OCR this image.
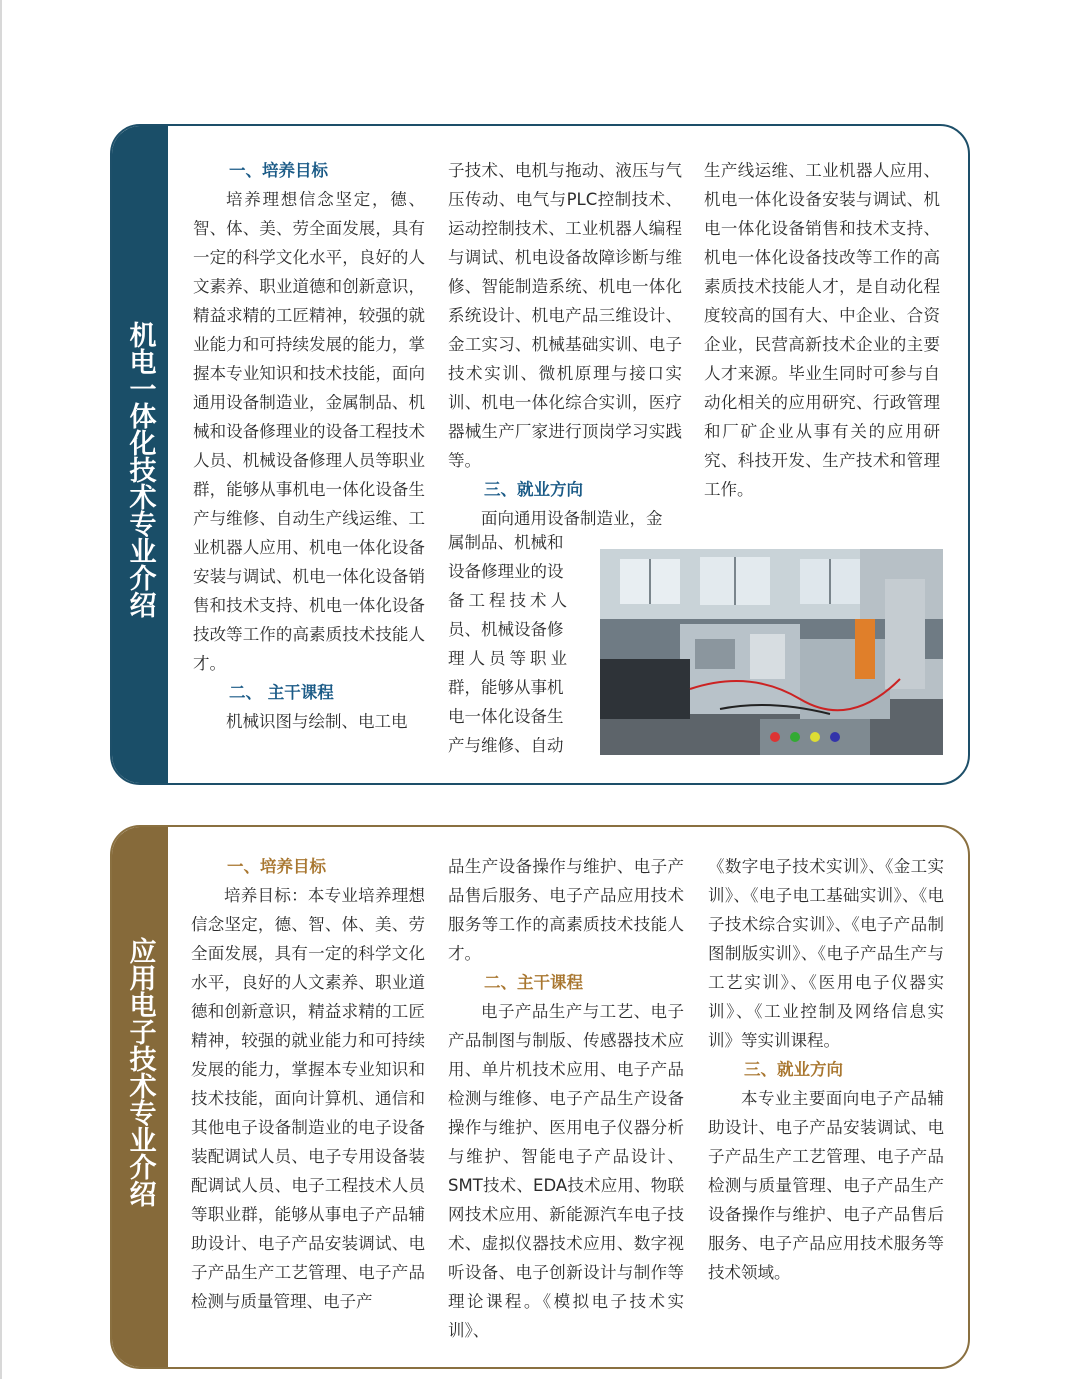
机电一体化技术专业介绍

一、培养目标

培养理想信念坚定，德、智、体、美、劳全面发展，具有一定的科学文化水平，良好的人文素养、职业道德和创新意识，精益求精的工匠精神，较强的就业能力和可持续发展的能力，掌握本专业知识和技术技能，面向通用设备制造业，金属制品、机械和设备修理业的设备工程技术人员、机械设备修理人员等职业群，能够从事机电一体化设备生产与维修、自动生产线运维、工业机器人应用、机电一体化设备安装与调试、机电一体化设备销售和技术支持、机电一体化设备技改等工作的高素质技术技能人才。

二、 主干课程

机械识图与绘制、电工电

子技术、电机与拖动、液压与气压传动、电气与PLC控制技术、运动控制技术、工业机器人编程与调试、机电设备故障诊断与维修、智能制造系统、机电一体化系统设计、机电产品三维设计、金工实习、机械基础实训、电子技术实训、微机原理与接口实训、机电一体化综合实训，医疗器械生产厂家进行顶岗学习实践等。

三、就业方向

面向通用设备制造业，金

属制品、机械和

设备修理业的设

备工程技术人

员、机械设备修

理人员等职业

群，能够从事机

电一体化设备生

产与维修、自动

生产线运维、工业机器人应用、机电一体化设备安装与调试、机电一体化设备销售和技术支持、机电一体化设备技改等工作的高素质技术技能人才，是自动化程度较高的国有大、中企业、合资企业，民营高新技术企业的主要人才来源。毕业生同时可参与自动化相关的应用研究、行政管理和厂矿企业从事有关的应用研究、科技开发、生产技术和管理工作。

应用电子技术专业介绍

一、培养目标

培养目标：本专业培养理想信念坚定，德、智、体、美、劳全面发展，具有一定的科学文化水平，良好的人文素养、职业道德和创新意识，精益求精的工匠精神，较强的就业能力和可持续发展的能力，掌握本专业知识和技术技能，面向计算机、通信和其他电子设备制造业的电子设备装配调试人员、电子专用设备装配调试人员、电子工程技术人员等职业群，能够从事电子产品辅助设计、电子产品安装调试、电子产品生产工艺管理、电子产品检测与质量管理、电子产

品生产设备操作与维护、电子产品售后服务、电子产品应用技术服务等工作的高素质技术技能人才。

二、主干课程

电子产品生产与工艺、电子产品制图与制版、传感器技术应用、单片机技术应用、电子产品检测与维修、电子产品生产设备操作与维护、医用电子仪器分析与维护、智能电子产品设计、SMT技术、EDA技术应用、物联网技术应用、新能源汽车电子技术、虚拟仪器技术应用、数字视听设备、电子创新设计与制作等理论课程。《模拟电子技术实训》、

《数字电子技术实训》、《金工实训》、《电子电工基础实训》、《电子技术综合实训》、《电子产品制图制版实训》、《电子产品生产与工艺实训》、《医用电子仪器实训》、《工业控制及网络信息实训》等实训课程。

三、就业方向

本专业主要面向电子产品辅助设计、电子产品安装调试、电子产品生产工艺管理、电子产品检测与质量管理、电子产品生产设备操作与维护、电子产品售后服务、电子产品应用技术服务等技术领域。
